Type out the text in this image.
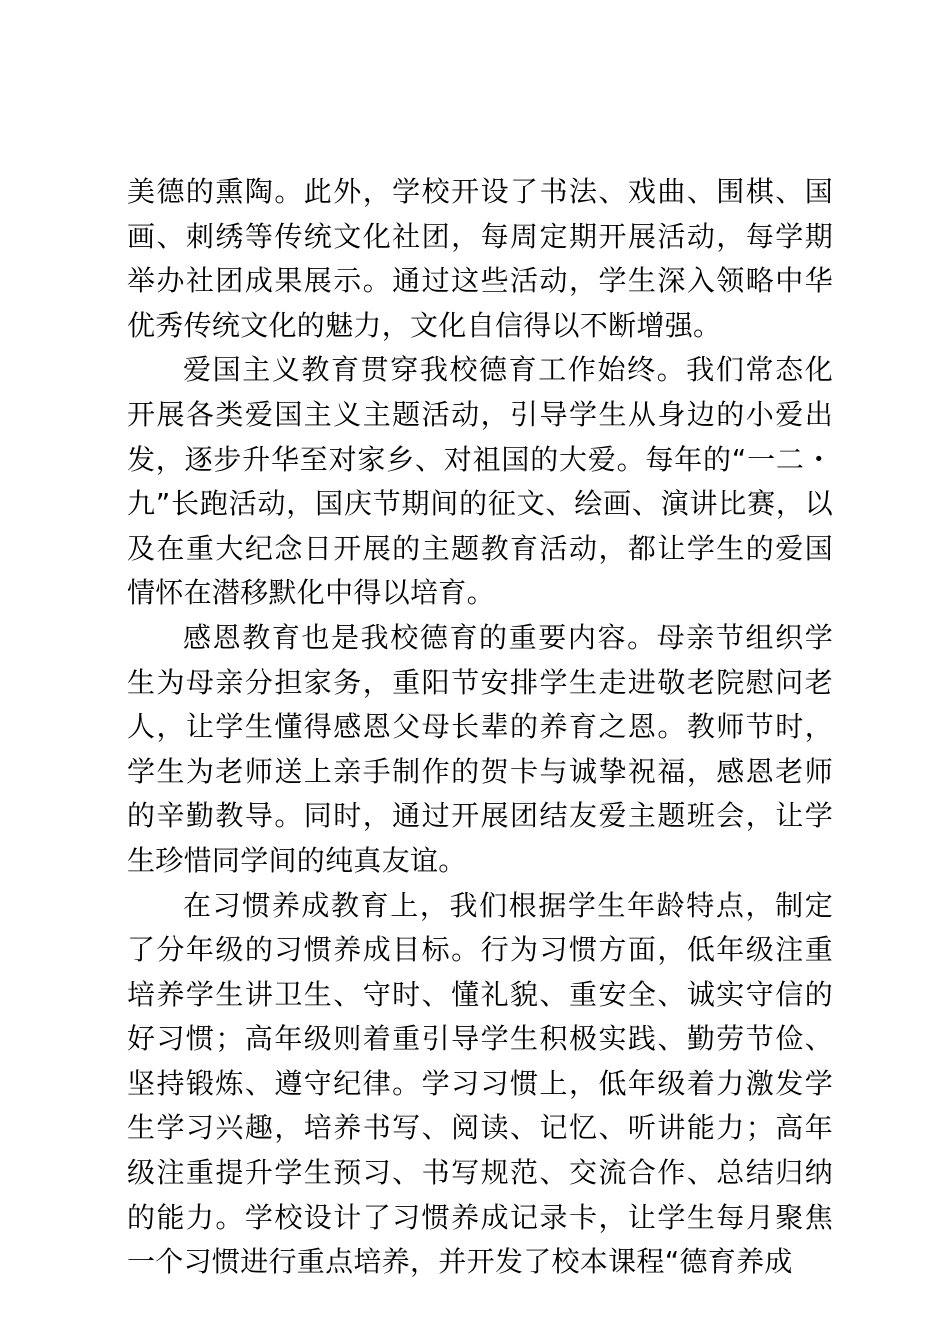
美德的熏陶。此外，学校开设了书法、戏曲、围棋、国画、刺绣等传统文化社团，每周定期开展活动，每学期举办社团成果展示。通过这些活动，学生深入领略中华优秀传统文化的魅力，文化自信得以不断增强。

爱国主义教育贯穿我校德育工作始终。我们常态化开展各类爱国主义主题活动，引导学生从身边的小爱出发，逐步升华至对家乡、对祖国的大爱。每年的“一二・九”长跑活动，国庆节期间的征文、绘画、演讲比赛，以及在重大纪念日开展的主题教育活动，都让学生的爱国情怀在潜移默化中得以培育。

感恩教育也是我校德育的重要内容。母亲节组织学生为母亲分担家务，重阳节安排学生走进敬老院慰问老人，让学生懂得感恩父母长辈的养育之恩。教师节时，学生为老师送上亲手制作的贺卡与诚挚祝福，感恩老师的辛勤教导。同时，通过开展团结友爱主题班会，让学生珍惜同学间的纯真友谊。

在习惯养成教育上，我们根据学生年龄特点，制定了分年级的习惯养成目标。行为习惯方面，低年级注重培养学生讲卫生、守时、懂礼貌、重安全、诚实守信的好习惯；高年级则着重引导学生积极实践、勤劳节俭、坚持锻炼、遵守纪律。学习习惯上，低年级着力激发学生学习兴趣，培养书写、阅读、记忆、听讲能力；高年级注重提升学生预习、书写规范、交流合作、总结归纳的能力。学校设计了习惯养成记录卡，让学生每月聚焦一个习惯进行重点培养，并开发了校本课程“德育养成
